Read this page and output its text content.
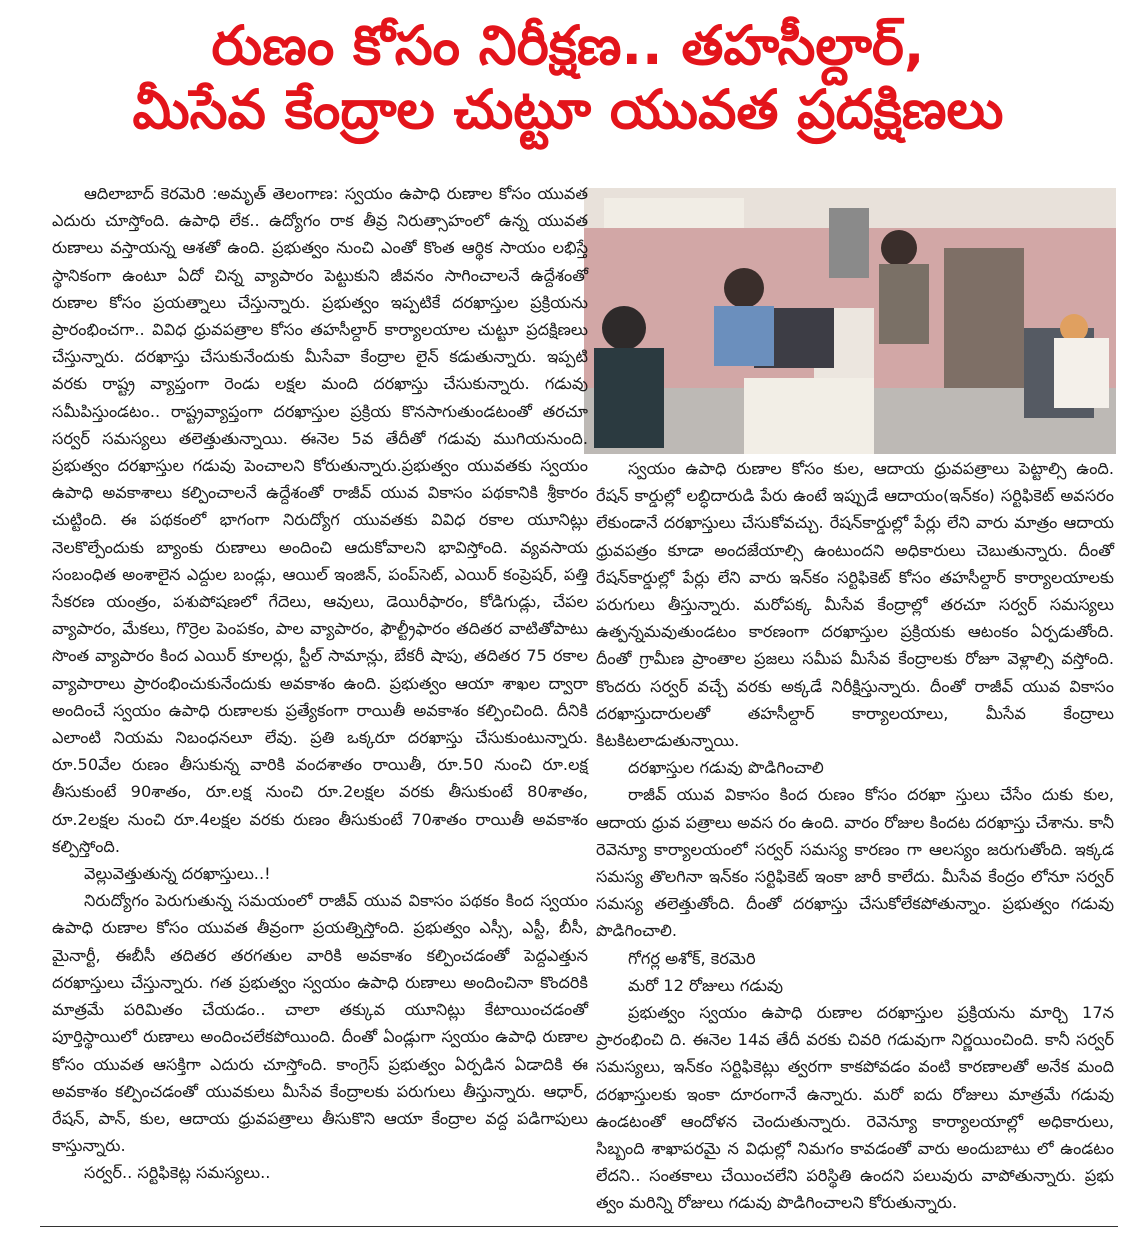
రుణం కోసం నిరీక్షణ.. తహసీల్దార్,
మీసేవ కేంద్రాల చుట్టూ యువత ప్రదక్షిణలు

ఆదిలాబాద్ కెరమెరి :అమృత్ తెలంగాణ: స్వయం ఉపాధి రుణాల కోసం యువత ఎదురు చూస్తోంది. ఉపాధి లేక.. ఉద్యోగం రాక తీవ్ర నిరుత్సాహంలో ఉన్న యువత రుణాలు వస్తాయన్న ఆశతో ఉంది. ప్రభుత్వం నుంచి ఎంతో కొంత ఆర్థిక సాయం లభిస్తే స్థానికంగా ఉంటూ ఏదో చిన్న వ్యాపారం పెట్టుకుని జీవనం సాగించాలనే ఉద్దేశంతో రుణాల కోసం ప్రయత్నాలు చేస్తున్నారు. ప్రభుత్వం ఇప్పటికే దరఖాస్తుల ప్రక్రియను ప్రారంభించగా.. వివిధ ధ్రువపత్రాల కోసం తహసీల్దార్ కార్యాలయాల చుట్టూ ప్రదక్షిణలు చేస్తున్నారు. దరఖాస్తు చేసుకునేందుకు మీసేవా కేంద్రాల లైన్ కడుతున్నారు. ఇప్పటి వరకు రాష్ట్ర వ్యాప్తంగా రెండు లక్షల మంది దరఖాస్తు చేసుకున్నారు. గడువు సమీపిస్తుండటం.. రాష్ట్రవ్యాప్తంగా దరఖాస్తుల ప్రక్రియ కొనసాగుతుండటంతో తరచూ సర్వర్ సమస్యలు తలెత్తుతున్నాయి. ఈనెల 5వ తేదీతో గడువు ముగియనుంది. ప్రభుత్వం దరఖాస్తుల గడువు పెంచాలని కోరుతున్నారు.ప్రభుత్వం యువతకు స్వయం ఉపాధి అవకాశాలు కల్పించాలనే ఉద్దేశంతో రాజీవ్ యువ వికాసం పథకానికి శ్రీకారం చుట్టింది. ఈ పథకంలో భాగంగా నిరుద్యోగ యువతకు వివిధ రకాల యూనిట్లు నెలకొల్పేందుకు బ్యాంకు రుణాలు అందించి ఆదుకోవాలని భావిస్తోంది. వ్యవసాయ సంబంధిత అంశాలైన ఎద్దుల బండ్లు, ఆయిల్ ఇంజిన్, పంప్‌సెట్, ఎయిర్ కంప్రెషర్, పత్తి సేకరణ యంత్రం, పశుపోషణలో గేదెలు, ఆవులు, డెయిరీఫారం, కోడిగుడ్లు, చేపల వ్యాపారం, మేకలు, గొర్రెల పెంపకం, పాల వ్యాపారం, ఫౌల్ట్రీఫారం తదితర వాటితోపాటు సొంత వ్యాపారం కింద ఎయిర్ కూలర్లు, స్టీల్ సామాన్లు, బేకరీ షాపు, తదితర 75 రకాల వ్యాపారాలు ప్రారంభించుకునేందుకు అవకాశం ఉంది. ప్రభుత్వం ఆయా శాఖల ద్వారా అందించే స్వయం ఉపాధి రుణాలకు ప్రత్యేకంగా రాయితీ అవకాశం కల్పించింది. దీనికి ఎలాంటి నియమ నిబంధనలూ లేవు. ప్రతి ఒక్కరూ దరఖాస్తు చేసుకుంటున్నారు. రూ.50వేల రుణం తీసుకున్న వారికి వందశాతం రాయితీ, రూ.50 నుంచి రూ.లక్ష తీసుకుంటే 90శాతం, రూ.లక్ష నుంచి రూ.2లక్షల వరకు తీసుకుంటే 80శాతం, రూ.2లక్షల నుంచి రూ.4లక్షల వరకు రుణం తీసుకుంటే 70శాతం రాయితీ అవకాశం కల్పిస్తోంది.

వెల్లువెత్తుతున్న దరఖాస్తులు..!

నిరుద్యోగం పెరుగుతున్న సమయంలో రాజీవ్ యువ వికాసం పథకం కింద స్వయం ఉపాధి రుణాల కోసం యువత తీవ్రంగా ప్రయత్నిస్తోంది. ప్రభుత్వం ఎస్సీ, ఎస్టీ, బీసీ, మైనార్టీ, ఈబీసీ తదితర తరగతుల వారికి అవకాశం కల్పించడంతో పెద్దఎత్తున దరఖాస్తులు చేస్తున్నారు. గత ప్రభుత్వం స్వయం ఉపాధి రుణాలు అందించినా కొందరికి మాత్రమే పరిమితం చేయడం.. చాలా తక్కువ యూనిట్లు కేటాయించడంతో పూర్తిస్థాయిలో రుణాలు అందించలేకపోయింది. దీంతో ఏండ్లుగా స్వయం ఉపాధి రుణాల కోసం యువత ఆసక్తిగా ఎదురు చూస్తోంది. కాంగ్రెస్ ప్రభుత్వం ఏర్పడిన ఏడాదికి ఈ అవకాశం కల్పించడంతో యువకులు మీసేవ కేంద్రాలకు పరుగులు తీస్తున్నారు. ఆధార్, రేషన్, పాన్, కుల, ఆదాయ ధ్రువపత్రాలు తీసుకొని ఆయా కేంద్రాల వద్ద పడిగాపులు కాస్తున్నారు.

సర్వర్.. సర్టిఫికెట్ల సమస్యలు..

స్వయం ఉపాధి రుణాల కోసం కుల, ఆదాయ ధ్రువపత్రాలు పెట్టాల్సి ఉంది. రేషన్ కార్డుల్లో లబ్ధిదారుడి పేరు ఉంటే ఇప్పుడే ఆదాయం(ఇన్‌కం) సర్టిఫికెట్ అవసరం లేకుండానే దరఖాస్తులు చేసుకోవచ్చు. రేషన్‌కార్డుల్లో పేర్లు లేని వారు మాత్రం ఆదాయ ధ్రువపత్రం కూడా అందజేయాల్సి ఉంటుందని అధికారులు చెబుతున్నారు. దీంతో రేషన్‌కార్డుల్లో పేర్లు లేని వారు ఇన్‌కం సర్టిఫికెట్ కోసం తహసీల్దార్ కార్యాలయాలకు పరుగులు తీస్తున్నారు. మరోపక్క మీసేవ కేంద్రాల్లో తరచూ సర్వర్ సమస్యలు ఉత్పన్నమవుతుండటం కారణంగా దరఖాస్తుల ప్రక్రియకు ఆటంకం ఏర్పడుతోంది. దీంతో గ్రామీణ ప్రాంతాల ప్రజలు సమీప మీసేవ కేంద్రాలకు రోజూ వెళ్లాల్సి వస్తోంది. కొందరు సర్వర్ వచ్చే వరకు అక్కడే నిరీక్షిస్తున్నారు. దీంతో రాజీవ్ యువ వికాసం దరఖాస్తుదారులతో తహసీల్దార్ కార్యాలయాలు, మీసేవ కేంద్రాలు కిటకిటలాడుతున్నాయి.

దరఖాస్తుల గడువు పొడిగించాలి

రాజీవ్ యువ వికాసం కింద రుణం కోసం దరఖా స్తులు చేసేం దుకు కుల, ఆదాయ ధ్రువ పత్రాలు అవస రం ఉంది. వారం రోజుల కిందట దరఖాస్తు చేశాను. కానీ రెవెన్యూ కార్యాలయంలో సర్వర్ సమస్య కారణం గా ఆలస్యం జరుగుతోంది. ఇక్కడ సమస్య తొలగినా ఇన్‌కం సర్టిఫికెట్ ఇంకా జారీ కాలేదు. మీసేవ కేంద్రం లోనూ సర్వర్ సమస్య తలెత్తుతోంది. దీంతో దరఖాస్తు చేసుకోలేకపోతున్నాం. ప్రభుత్వం గడువు పొడిగించాలి.

గోగర్ల అశోక్, కెరమెరి

మరో 12 రోజులు గడువు

ప్రభుత్వం స్వయం ఉపాధి రుణాల దరఖాస్తుల ప్రక్రియను మార్చి 17న ప్రారంభించి ది. ఈనెల 14వ తేదీ వరకు చివరి గడువుగా నిర్ణయించింది. కానీ సర్వర్ సమస్యలు, ఇన్‌కం సర్టిఫికెట్లు త్వరగా కాకపోవడం వంటి కారణాలతో అనేక మంది దరఖాస్తులకు ఇంకా దూరంగానే ఉన్నారు. మరో ఐదు రోజులు మాత్రమే గడువు ఉండటంతో ఆందోళన చెందుతున్నారు. రెవెన్యూ కార్యాలయాల్లో అధికారులు, సిబ్బంది శాఖాపరమై న విధుల్లో నిమగం కావడంతో వారు అందుబాటు లో ఉండటం లేదని.. సంతకాలు చేయించలేని పరిస్థితి ఉందని పలువురు వాపోతున్నారు. ప్రభు త్వం మరిన్ని రోజులు గడువు పొడిగించాలని కోరుతున్నారు.
